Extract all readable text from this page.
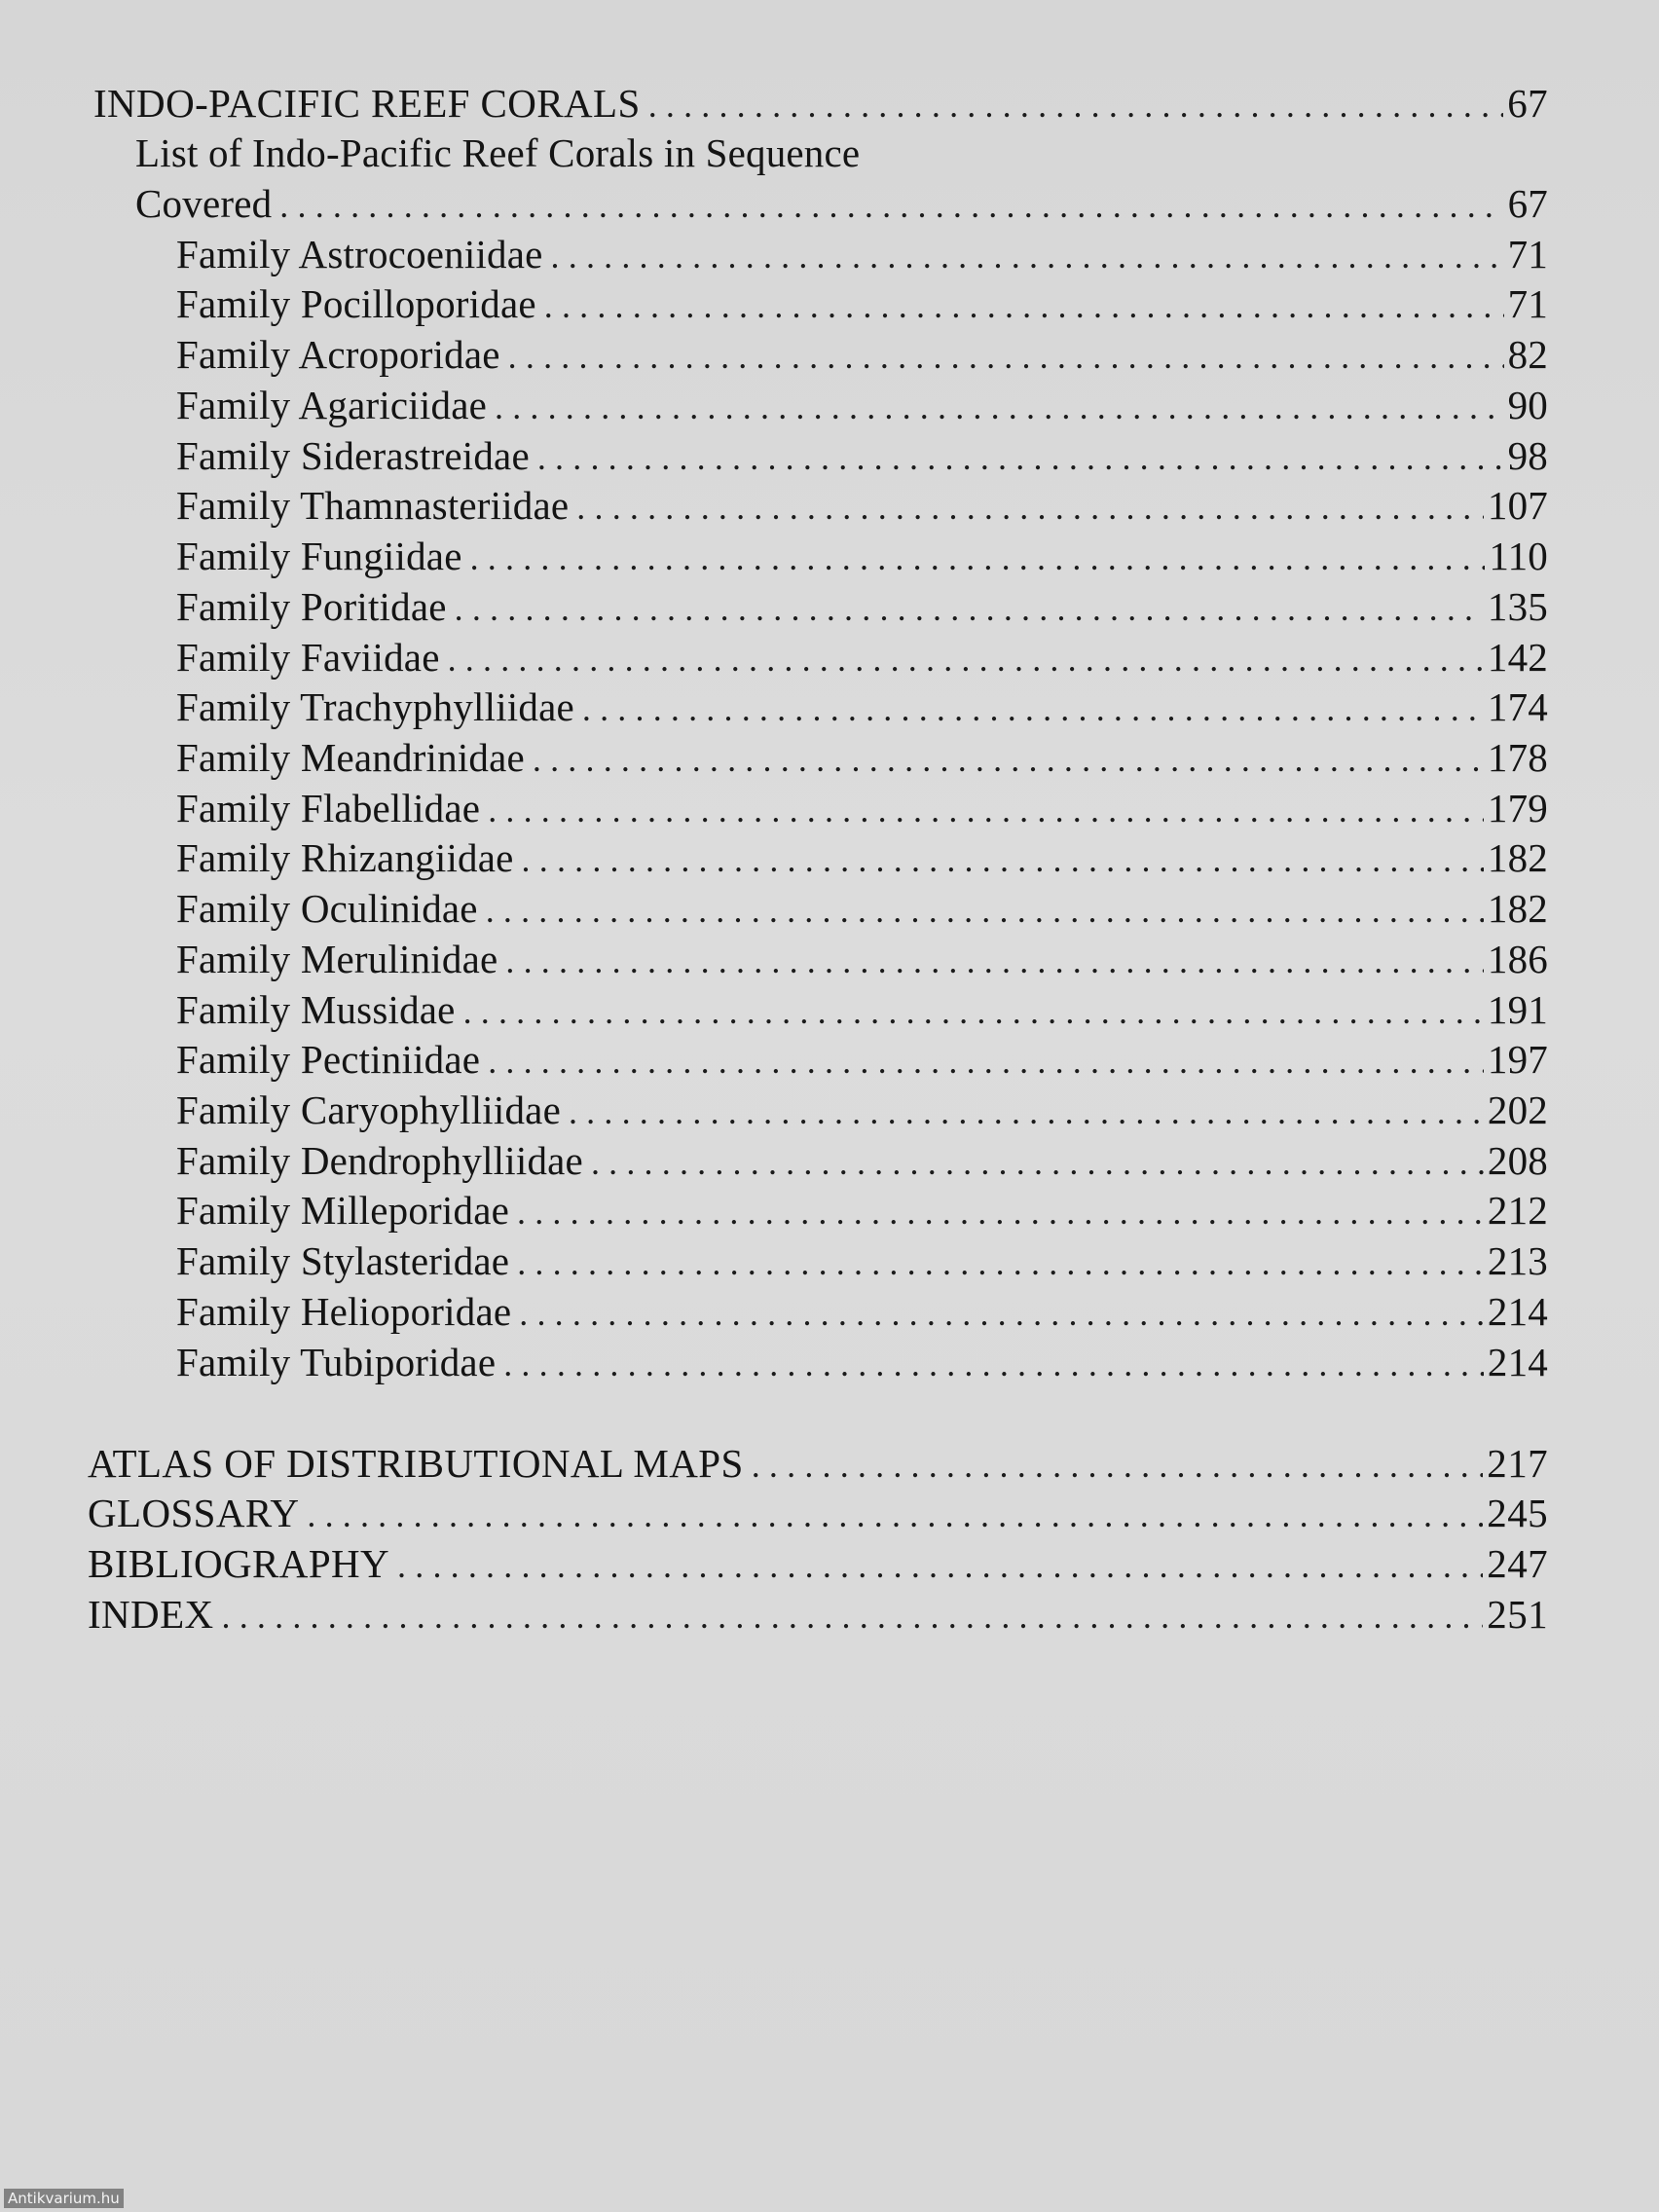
INDO-PACIFIC REEF CORALS . . .	67
List of Indo-Pacific Reef Corals in Sequence
Covered . . .	67
Family Astrocoeniidae . . .	71
Family Pocilloporidae . . .	71
Family Acroporidae . . .	82
Family Agariciidae . . .	90
Family Siderastreidae . . .	98
Family Thamnasteriidae . . .	107
Family Fungiidae . . .	110
Family Poritidae . . .	135
Family Faviidae . . .	142
Family Trachyphylliidae . . .	174
Family Meandrinidae . . .	178
Family Flabellidae . . .	179
Family Rhizangiidae . . .	182
Family Oculinidae . . .	182
Family Merulinidae . . .	186
Family Mussidae . . .	191
Family Pectiniidae . . .	197
Family Caryophylliidae . . .	202
Family Dendrophylliidae . . .	208
Family Milleporidae . . .	212
Family Stylasteridae . . .	213
Family Helioporidae . . .	214
Family Tubiporidae . . .	214
ATLAS OF DISTRIBUTIONAL MAPS . . .	217
GLOSSARY . . .	245
BIBLIOGRAPHY . . .	247
INDEX . . .	251
Antikvarium.hu
